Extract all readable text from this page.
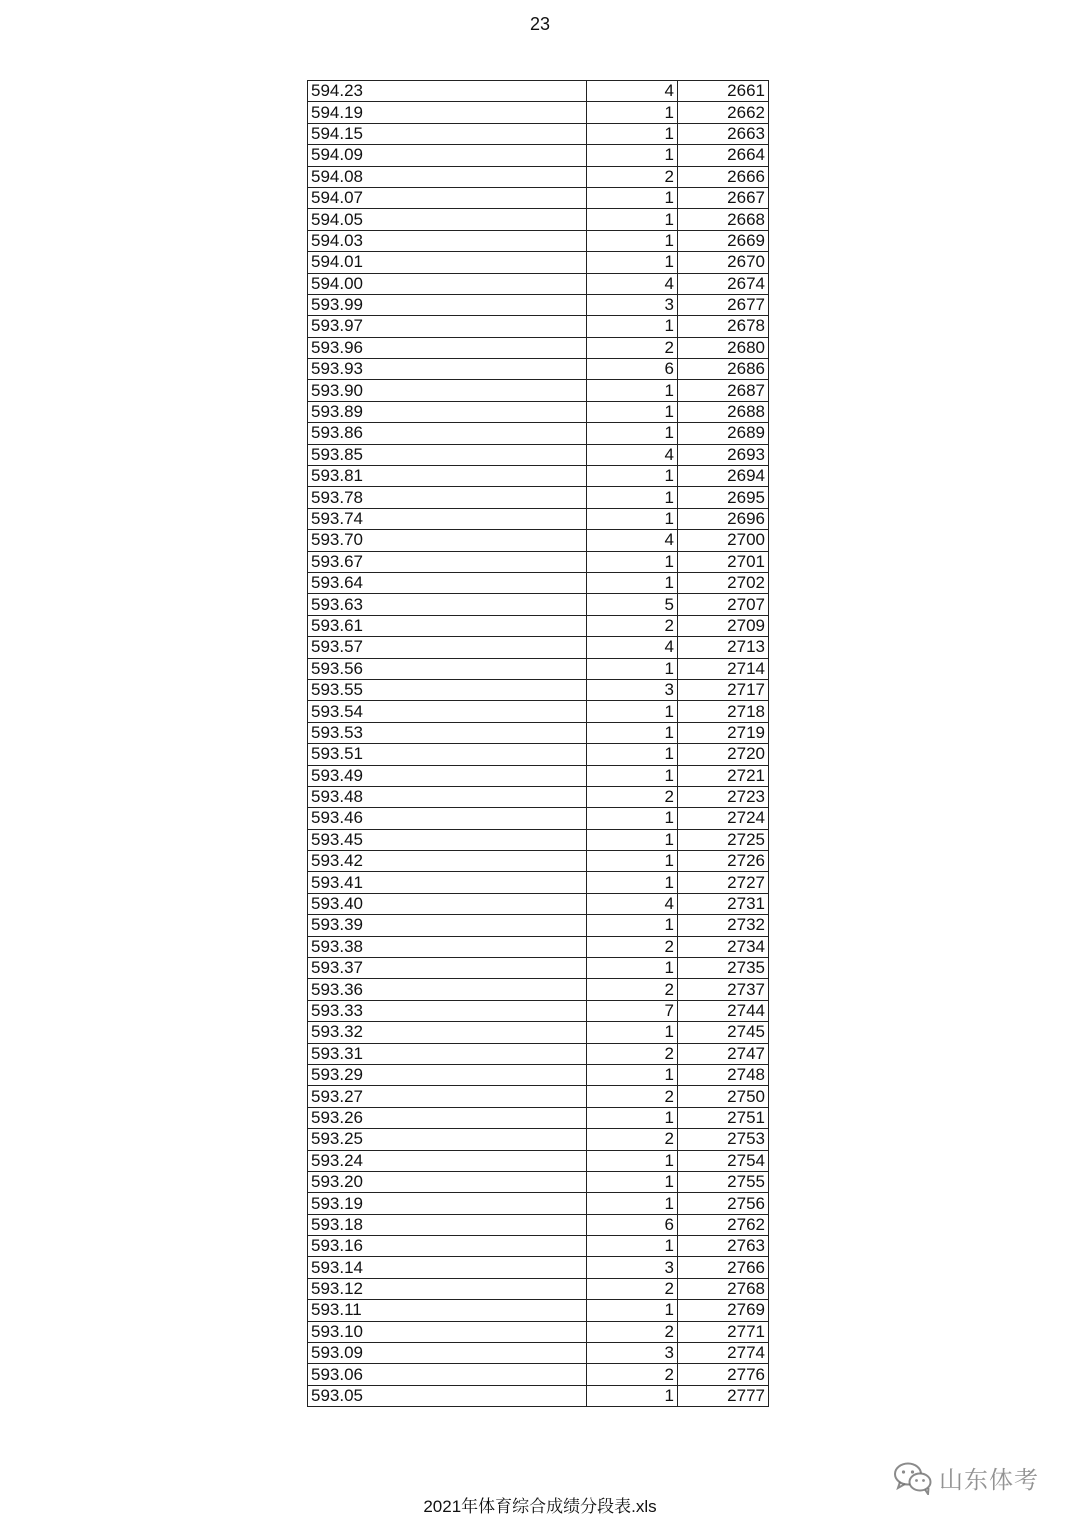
23
594.23	4	2661
594.19	1	2662
594.15	1	2663
594.09	1	2664
594.08	2	2666
594.07	1	2667
594.05	1	2668
594.03	1	2669
594.01	1	2670
594.00	4	2674
593.99	3	2677
593.97	1	2678
593.96	2	2680
593.93	6	2686
593.90	1	2687
593.89	1	2688
593.86	1	2689
593.85	4	2693
593.81	1	2694
593.78	1	2695
593.74	1	2696
593.70	4	2700
593.67	1	2701
593.64	1	2702
593.63	5	2707
593.61	2	2709
593.57	4	2713
593.56	1	2714
593.55	3	2717
593.54	1	2718
593.53	1	2719
593.51	1	2720
593.49	1	2721
593.48	2	2723
593.46	1	2724
593.45	1	2725
593.42	1	2726
593.41	1	2727
593.40	4	2731
593.39	1	2732
593.38	2	2734
593.37	1	2735
593.36	2	2737
593.33	7	2744
593.32	1	2745
593.31	2	2747
593.29	1	2748
593.27	2	2750
593.26	1	2751
593.25	2	2753
593.24	1	2754
593.20	1	2755
593.19	1	2756
593.18	6	2762
593.16	1	2763
593.14	3	2766
593.12	2	2768
593.11	1	2769
593.10	2	2771
593.09	3	2774
593.06	2	2776
593.05	1	2777
2021年体育综合成绩分段表.xls
山东体考
